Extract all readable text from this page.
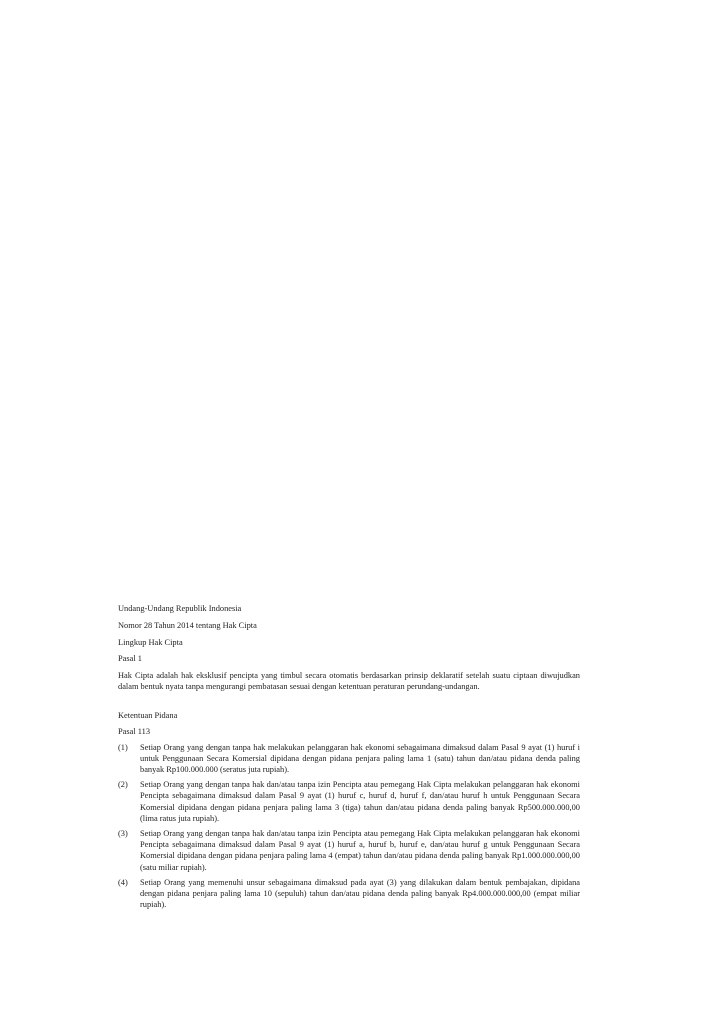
Undang-Undang Republik Indonesia

Nomor 28 Tahun 2014 tentang Hak Cipta

Lingkup Hak Cipta

Pasal 1

Hak Cipta adalah hak eksklusif pencipta yang timbul secara otomatis berdasarkan prinsip deklaratif setelah suatu ciptaan diwujudkan dalam bentuk nyata tanpa mengurangi pembatasan sesuai dengan ketentuan peraturan perundang-undangan.

Ketentuan Pidana

Pasal 113

(1)	Setiap Orang yang dengan tanpa hak melakukan pelanggaran hak ekonomi sebagaimana dimaksud dalam Pasal 9 ayat (1) huruf i untuk Penggunaan Secara Komersial dipidana dengan pidana penjara paling lama 1 (satu) tahun dan/atau pidana denda paling banyak Rp100.000.000 (seratus juta rupiah).
(2)	Setiap Orang yang dengan tanpa hak dan/atau tanpa izin Pencipta atau pemegang Hak Cipta melakukan pelanggaran hak ekonomi Pencipta sebagaimana dimaksud dalam Pasal 9 ayat (1) huruf c, huruf d, huruf f, dan/atau huruf h untuk Penggunaan Secara Komersial dipidana dengan pidana penjara paling lama 3 (tiga) tahun dan/atau pidana denda paling banyak Rp500.000.000,00 (lima ratus juta rupiah).
(3)	Setiap Orang yang dengan tanpa hak dan/atau tanpa izin Pencipta atau pemegang Hak Cipta melakukan pelanggaran hak ekonomi Pencipta sebagaimana dimaksud dalam Pasal 9 ayat (1) huruf a, huruf b, huruf e, dan/atau huruf g untuk Penggunaan Secara Komersial dipidana dengan pidana penjara paling lama 4 (empat) tahun dan/atau pidana denda paling banyak Rp1.000.000.000,00 (satu miliar rupiah).
(4)	Setiap Orang yang memenuhi unsur sebagaimana dimaksud pada ayat (3) yang dilakukan dalam bentuk pembajakan, dipidana dengan pidana penjara paling lama 10 (sepuluh) tahun dan/atau pidana denda paling banyak Rp4.000.000.000,00 (empat miliar rupiah).
